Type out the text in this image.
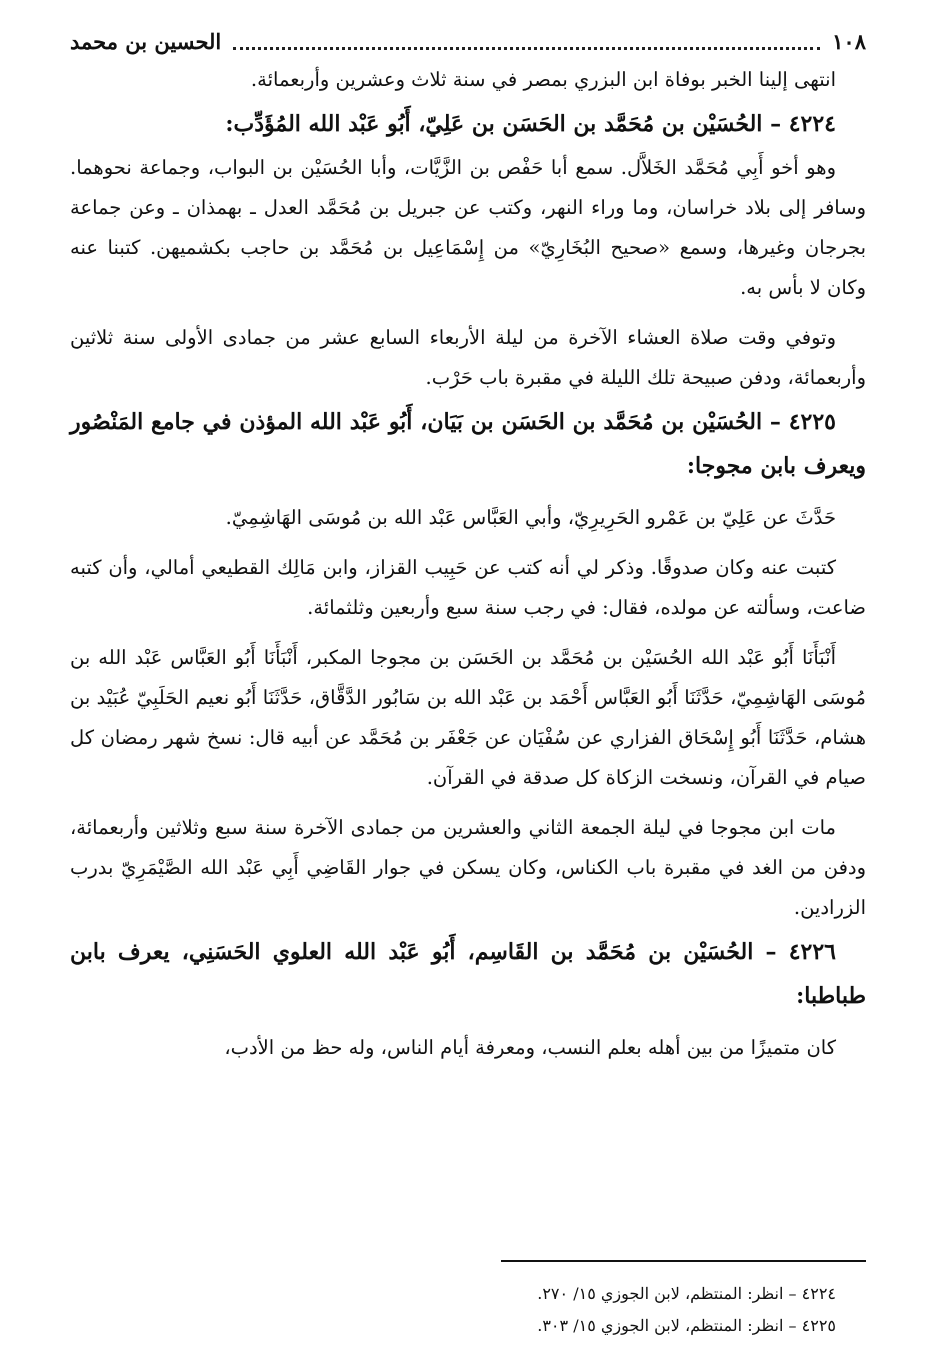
١٠٨
الحسين بن محمد

انتهى إلينا الخبر بوفاة ابن البزري بمصر في سنة ثلاث وعشرين وأربعمائة.

٤٢٢٤ – الحُسَيْن بن مُحَمَّد بن الحَسَن بن عَلِيّ، أَبُو عَبْد الله المُؤَدِّب:

وهو أخو أَبِي مُحَمَّد الخَلاَّل. سمع أبا حَفْص بن الزَّيَّات، وأبا الحُسَيْن بن البواب، وجماعة نحوهما. وسافر إلى بلاد خراسان، وما وراء النهر، وكتب عن جبريل بن مُحَمَّد العدل ـ بهمذان ـ وعن جماعة بجرجان وغيرها، وسمع «صحيح البُخَارِيّ» من إِسْمَاعِيل بن مُحَمَّد بن حاجب بكشميهن. كتبنا عنه وكان لا بأس به.

وتوفي وقت صلاة العشاء الآخرة من ليلة الأربعاء السابع عشر من جمادى الأولى سنة ثلاثين وأربعمائة، ودفن صبيحة تلك الليلة في مقبرة باب حَرْب.

٤٢٢٥ – الحُسَيْن بن مُحَمَّد بن الحَسَن بن بَيَان، أَبُو عَبْد الله المؤذن في جامع المَنْصُور ويعرف بابن مجوجا:

حَدَّثَ عن عَلِيّ بن عَمْرو الحَرِيرِيّ، وأبي العَبَّاس عَبْد الله بن مُوسَى الهَاشِمِيّ.

كتبت عنه وكان صدوقًا. وذكر لي أنه كتب عن حَبِيب القزاز، وابن مَالِك القطيعي أمالي، وأن كتبه ضاعت، وسألته عن مولده، فقال: في رجب سنة سبع وأربعين وثلثمائة.

أَنْبَأَنَا أَبُو عَبْد الله الحُسَيْن بن مُحَمَّد بن الحَسَن بن مجوجا المكبر، أَنْبَأَنَا أَبُو العَبَّاس عَبْد الله بن مُوسَى الهَاشِمِيّ، حَدَّثَنَا أَبُو العَبَّاس أَحْمَد بن عَبْد الله بن سَابُور الدَّقَّاق، حَدَّثَنَا أَبُو نعيم الحَلَبِيّ عُبَيْد بن هشام، حَدَّثَنَا أَبُو إِسْحَاق الفزاري عن سُفْيَان عن جَعْفَر بن مُحَمَّد عن أبيه قال: نسخ شهر رمضان كل صيام في القرآن، ونسخت الزكاة كل صدقة في القرآن.

مات ابن مجوجا في ليلة الجمعة الثاني والعشرين من جمادى الآخرة سنة سبع وثلاثين وأربعمائة، ودفن من الغد في مقبرة باب الكناس، وكان يسكن في جوار القَاضِي أَبِي عَبْد الله الصَّيْمَرِيّ بدرب الزرادين.

٤٢٢٦ – الحُسَيْن بن مُحَمَّد بن القَاسِم، أَبُو عَبْد الله العلوي الحَسَنِي، يعرف بابن طباطبا:

كان متميزًا من بين أهله بعلم النسب، ومعرفة أيام الناس، وله حظ من الأدب،

٤٢٢٤ – انظر: المنتظم، لابن الجوزي ١٥/ ٢٧٠.
٤٢٢٥ – انظر: المنتظم، لابن الجوزي ١٥/ ٣٠٣.
